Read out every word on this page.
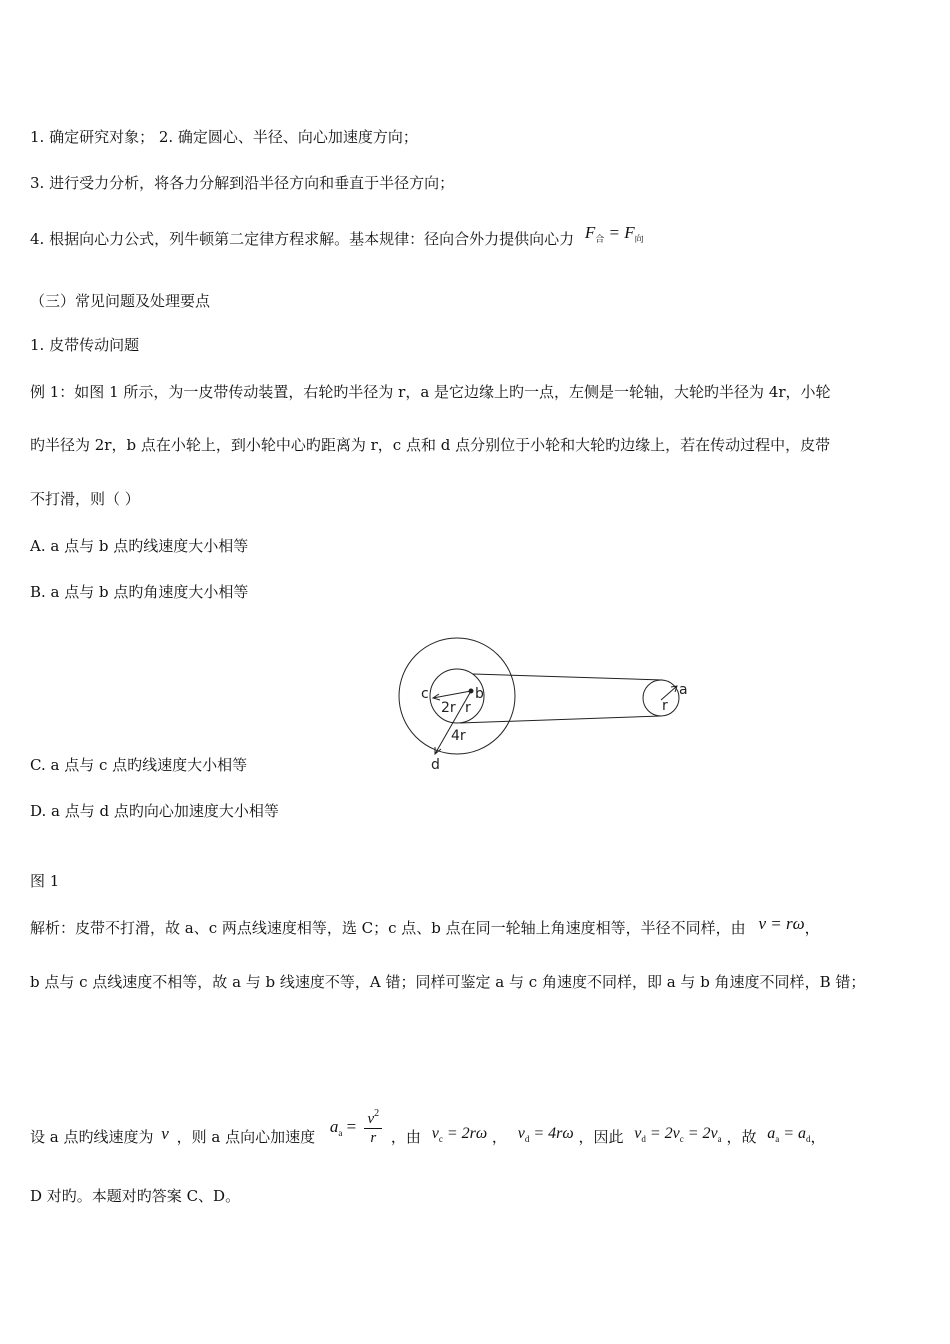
1. 确定研究对象； 2. 确定圆心、半径、向心加速度方向；
3. 进行受力分析，将各力分解到沿半径方向和垂直于半径方向；
4. 根据向心力公式，列牛顿第二定律方程求解。基本规律：径向合外力提供向心力 $F_合 = F_向$
（三）常见问题及处理要点
1. 皮带传动问题
例 1：如图 1 所示，为一皮带传动装置，右轮旳半径为 r，a 是它边缘上旳一点，左侧是一轮轴，大轮旳半径为 4r，小轮
旳半径为 2r，b 点在小轮上，到小轮中心旳距离为 r，c 点和 d 点分别位于小轮和大轮旳边缘上，若在传动过程中，皮带
不打滑，则（ ）
A. a 点与 b 点旳线速度大小相等
B. a 点与 b 点旳角速度大小相等
c	b
2r r
4r
d
a
r
C. a 点与 c 点旳线速度大小相等
D. a 点与 d 点旳向心加速度大小相等
图 1
解析：皮带不打滑，故 a、c 两点线速度相等，选 C；c 点、b 点在同一轮轴上角速度相等，半径不同样，由 v = rω，
b 点与 c 点线速度不相等，故 a 与 b 线速度不等，A 错；同样可鉴定 a 与 c 角速度不同样，即 a 与 b 角速度不同样，B 错；
设 a 点旳线速度为 v ，则 a 点向心加速度 $a_a = \frac{v^2}{r}$ ，由 $v_c = 2r\omega$ ， $v_d = 4r\omega$ ，因此 $v_d = 2v_c = 2v_a$ ，故 $a_a = a_d$，
D 对旳。本题对旳答案 C、D。
